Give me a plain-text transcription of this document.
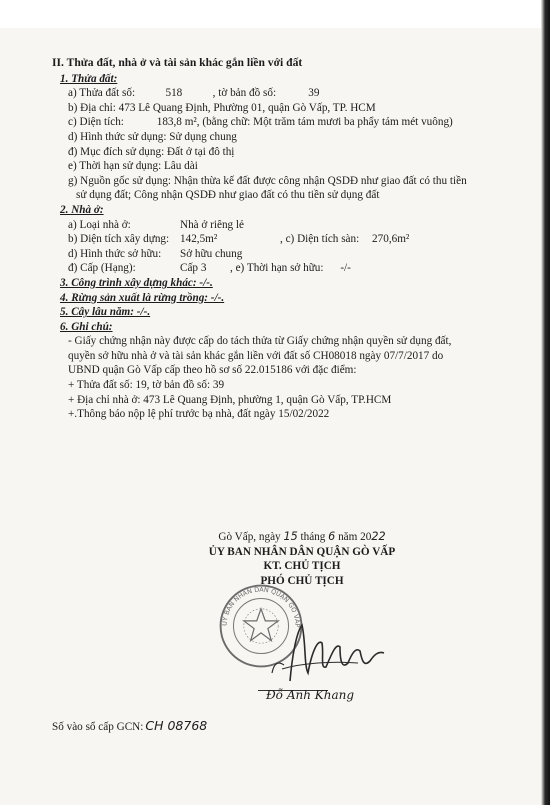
II. Thửa đất, nhà ở và tài sản khác gắn liền với đất
1. Thửa đất:
a) Thửa đất số:	518	, tờ bản đồ số:	39
b) Địa chỉ: 473 Lê Quang Định, Phường 01, quận Gò Vấp, TP. HCM
c) Diện tích:	183,8 m², (bằng chữ: Một trăm tám mươi ba phẩy tám mét vuông)
d) Hình thức sử dụng: Sử dụng chung
đ) Mục đích sử dụng: Đất ở tại đô thị
e) Thời hạn sử dụng: Lâu dài
g) Nguồn gốc sử dụng: Nhận thừa kế đất được công nhận QSDĐ như giao đất có thu tiền
sử dụng đất; Công nhận QSDĐ như giao đất có thu tiền sử dụng đất
2. Nhà ở:
a) Loại nhà ở:	Nhà ở riêng lẻ
b) Diện tích xây dựng: 142,5m²	, c) Diện tích sàn: 270,6m²
d) Hình thức sở hữu: Sở hữu chung
đ) Cấp (Hạng):	Cấp 3 , e) Thời hạn sở hữu: -/-
3. Công trình xây dựng khác: -/-.
4. Rừng sản xuất là rừng trồng: -/-.
5. Cây lâu năm: -/-.
6. Ghi chú:
- Giấy chứng nhận này được cấp do tách thửa từ Giấy chứng nhận quyền sử dụng đất,
quyền sở hữu nhà ở và tài sản khác gắn liền với đất số CH08018 ngày 07/7/2017 do
UBND quận Gò Vấp cấp theo hồ sơ số 22.015186 với đặc điểm:
+ Thửa đất số: 19, tờ bản đồ số: 39
+ Địa chỉ nhà ở: 473 Lê Quang Định, phường 1, quận Gò Vấp, TP.HCM
+.Thông báo nộp lệ phí trước bạ nhà, đất ngày 15/02/2022
Gò Vấp, ngày 15 tháng 6 năm 2022
ỦY BAN NHÂN DÂN QUẬN GÒ VẤP
KT. CHỦ TỊCH
PHÓ CHỦ TỊCH
ỦY BAN NHÂN DÂN QUẬN GÒ VẤP
Đỗ Anh Khang
Số vào sổ cấp GCN: CH 08768
